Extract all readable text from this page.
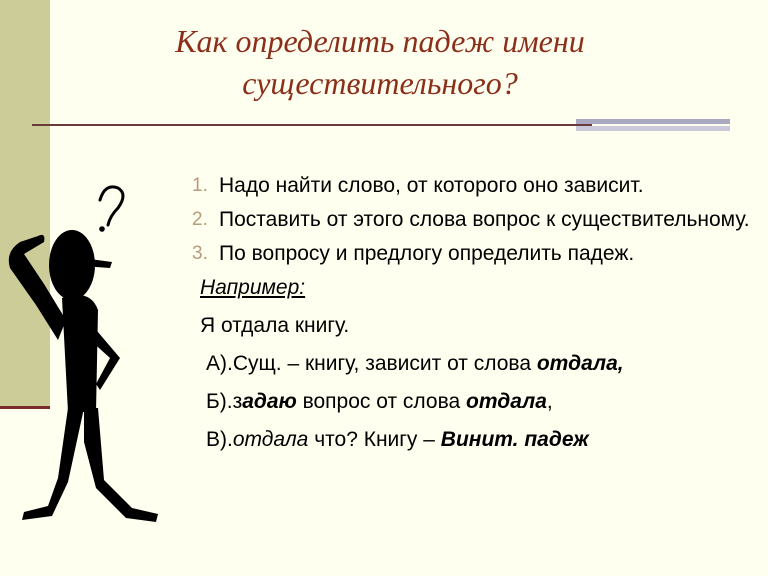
Как определить падеж имени
существительного?
1. Надо найти слово, от которого оно зависит.
2. Поставить от этого слова вопрос к существительному.
3. По вопросу и предлогу определить падеж.
Например:
Я отдала книгу.
А).Сущ. – книгу, зависит от слова отдала,
Б).задаю вопрос от слова отдала,
В).отдала что? Книгу – Винит. падеж
